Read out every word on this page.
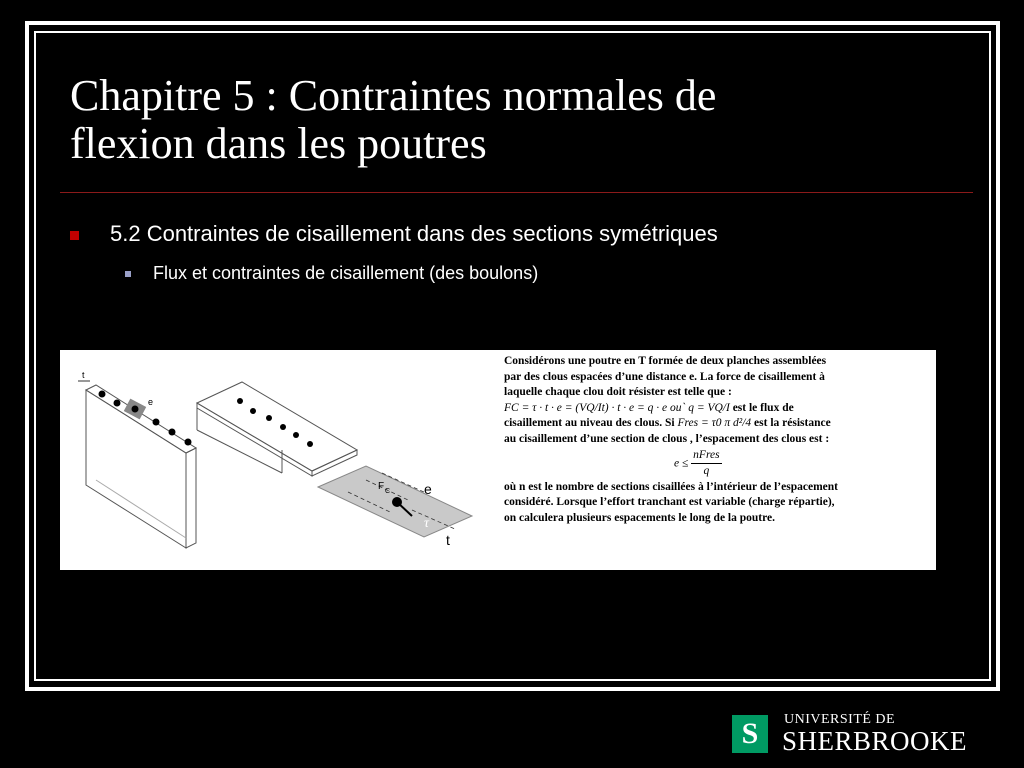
Chapitre 5 : Contraintes normales de
flexion dans les poutres
5.2 Contraintes de cisaillement dans des sections symétriques
Flux et contraintes de cisaillement (des boulons)
t
e
F C e
t
τ
Considérons une poutre en T formée de deux planches assemblées
par des clous espacées d’une distance e. La force de cisaillement à
laquelle chaque clou doit résister est telle que :
FC = τ · t · e = (VQ/It) · t · e = q · e ou` q = VQ/I est le flux de
cisaillement au niveau des clous. Si Fres = τ0 π d²/4 est la résistance
au cisaillement d’une section de clous , l’espacement des clous est :
$e \le \frac{\text{nFres}}{q}$
où n est le nombre de sections cisaillées à l’intérieur de l’espacement
considéré. Lorsque l’effort tranchant est variable (charge répartie),
on calculera plusieurs espacements le long de la poutre.
S	UNIVERSITÉ DE
SHERBROOKE
